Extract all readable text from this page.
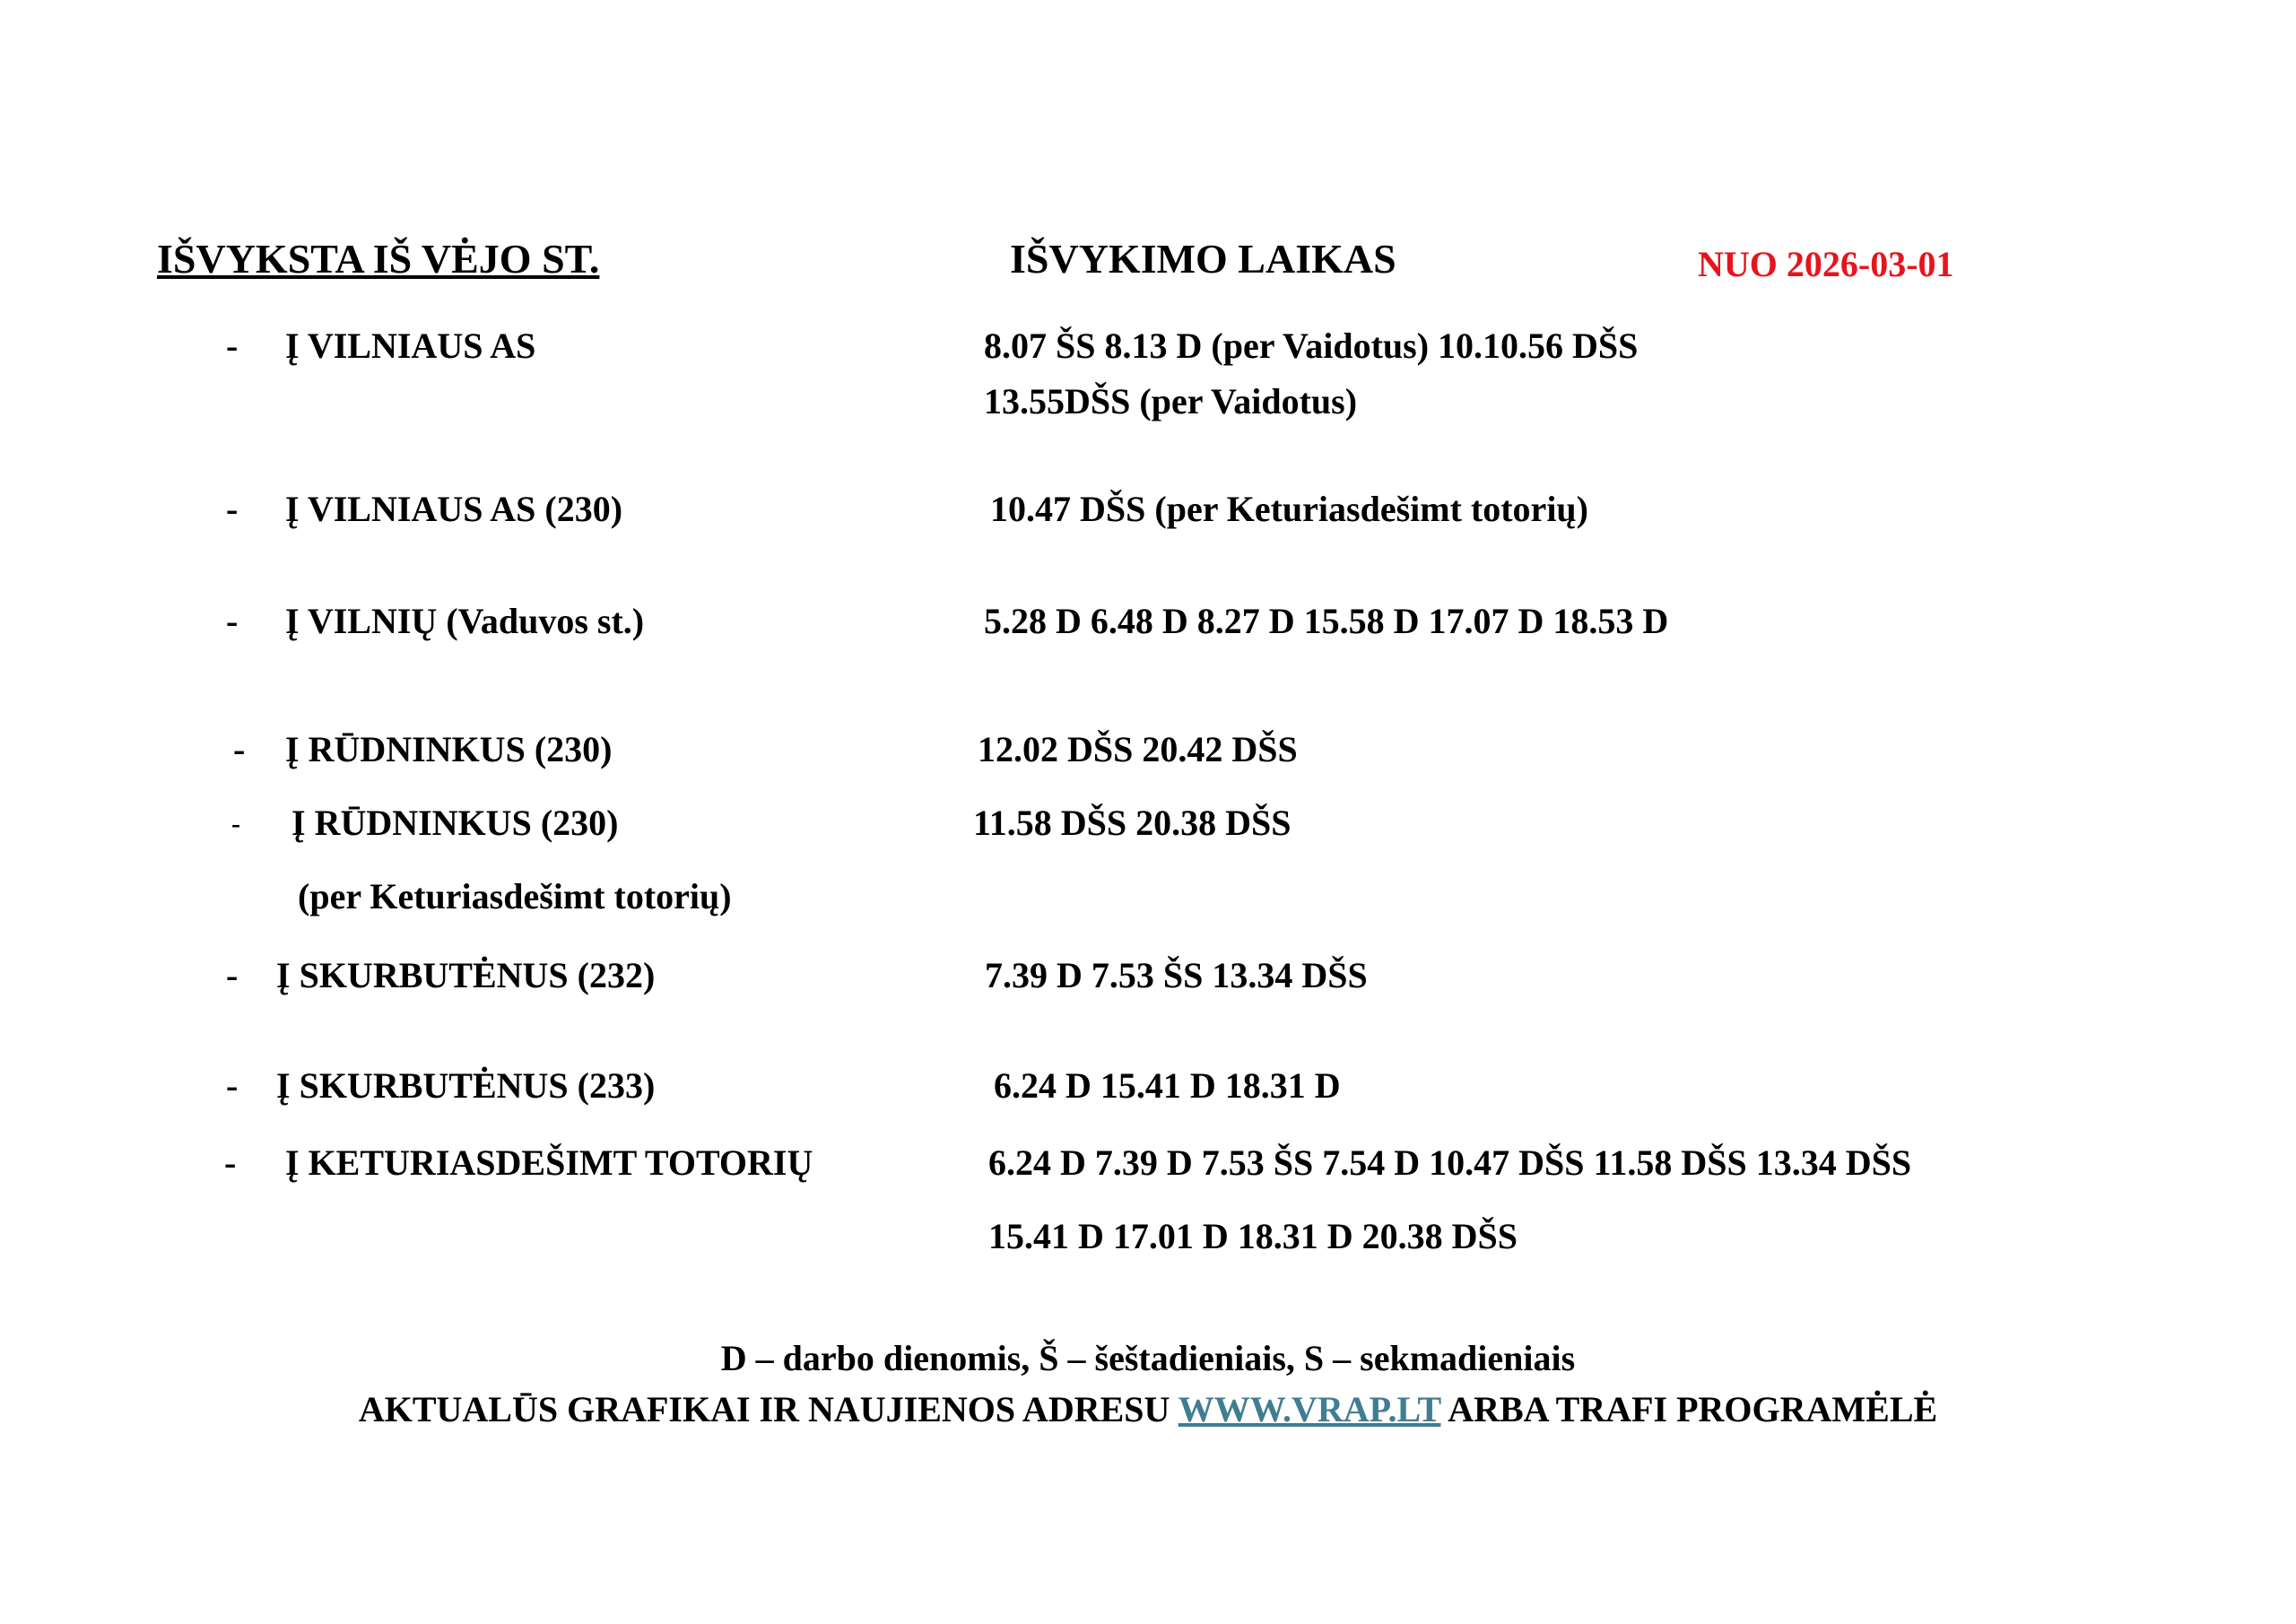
IŠVYKSTA IŠ VĖJO ST.	IŠVYKIMO LAIKAS	NUO 2026-03-01
- Į VILNIAUS AS	8.07 ŠS 8.13 D (per Vaidotus) 10.10.56 DŠS
13.55DŠS (per Vaidotus)
- Į VILNIAUS AS (230)	10.47 DŠS (per Keturiasdešimt totorių)
- Į VILNIŲ (Vaduvos st.)	5.28 D 6.48 D 8.27 D 15.58 D 17.07 D 18.53 D
- Į RŪDNINKUS (230)	12.02 DŠS 20.42 DŠS
- Į RŪDNINKUS (230)	11.58 DŠS 20.38 DŠS
(per Keturiasdešimt totorių)
- Į SKURBUTĖNUS (232)	7.39 D 7.53 ŠS 13.34 DŠS
- Į SKURBUTĖNUS (233)	6.24 D 15.41 D 18.31 D
- Į KETURIASDEŠIMT TOTORIŲ	6.24 D 7.39 D 7.53 ŠS 7.54 D 10.47 DŠS 11.58 DŠS 13.34 DŠS
15.41 D 17.01 D 18.31 D 20.38 DŠS
D – darbo dienomis, Š – šeštadieniais, S – sekmadieniais
AKTUALŪS GRAFIKAI IR NAUJIENOS ADRESU WWW.VRAP.LT ARBA TRAFI PROGRAMĖLĖ
